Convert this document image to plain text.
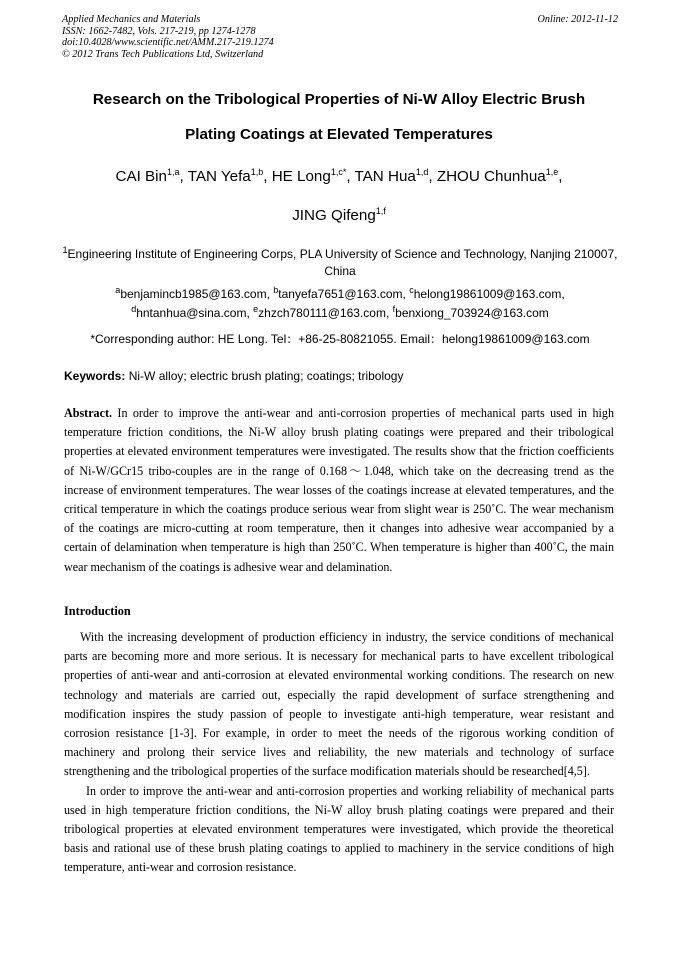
Applied Mechanics and Materials
ISSN: 1662-7482, Vols. 217-219, pp 1274-1278
doi:10.4028/www.scientific.net/AMM.217-219.1274
© 2012 Trans Tech Publications Ltd, Switzerland
Online: 2012-11-12
Research on the Tribological Properties of Ni-W Alloy Electric Brush
Plating Coatings at Elevated Temperatures
CAI Bin$^{1,a}$, TAN Yefa$^{1,b}$, HE Long$^{1,c*}$, TAN Hua$^{1,d}$, ZHOU Chunhua$^{1,e}$,
JING Qifeng$^{1,f}$
$^1$Engineering Institute of Engineering Corps, PLA University of Science and Technology, Nanjing 210007, China
$^a$benjamincb1985@163.com, $^b$tanyefa7651@163.com, $^c$helong19861009@163.com,
$^d$hntanhua@sina.com, $^e$zhzch780111@163.com, $^f$benxiong_703924@163.com
*Corresponding author: HE Long. Tel：+86-25-80821055. Email：helong19861009@163.com
Keywords: Ni-W alloy; electric brush plating; coatings; tribology
Abstract. In order to improve the anti-wear and anti-corrosion properties of mechanical parts used in high temperature friction conditions, the Ni-W alloy brush plating coatings were prepared and their tribological properties at elevated environment temperatures were investigated. The results show that the friction coefficients of Ni-W/GCr15 tribo-couples are in the range of 0.168～1.048, which take on the decreasing trend as the increase of environment temperatures. The wear losses of the coatings increase at elevated temperatures, and the critical temperature in which the coatings produce serious wear from slight wear is 250˚C. The wear mechanism of the coatings are micro-cutting at room temperature, then it changes into adhesive wear accompanied by a certain of delamination when temperature is high than 250˚C. When temperature is higher than 400˚C, the main wear mechanism of the coatings is adhesive wear and delamination.
Introduction

With the increasing development of production efficiency in industry, the service conditions of mechanical parts are becoming more and more serious. It is necessary for mechanical parts to have excellent tribological properties of anti-wear and anti-corrosion at elevated environmental working conditions. The research on new technology and materials are carried out, especially the rapid development of surface strengthening and modification inspires the study passion of people to investigate anti-high temperature, wear resistant and corrosion resistance [1-3]. For example, in order to meet the needs of the rigorous working condition of machinery and prolong their service lives and reliability, the new materials and technology of surface strengthening and the tribological properties of the surface modification materials should be researched[4,5].

In order to improve the anti-wear and anti-corrosion properties and working reliability of mechanical parts used in high temperature friction conditions, the Ni-W alloy brush plating coatings were prepared and their tribological properties at elevated environment temperatures were investigated, which provide the theoretical basis and rational use of these brush plating coatings to applied to machinery in the service conditions of high temperature, anti-wear and corrosion resistance.
